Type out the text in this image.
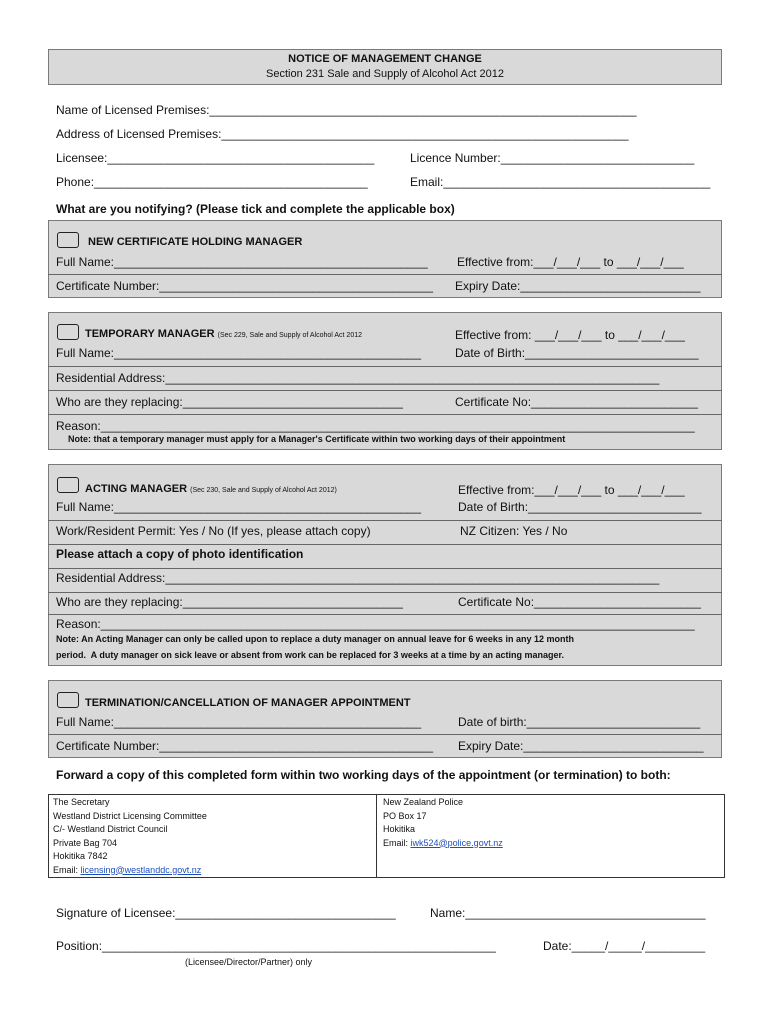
NOTICE OF MANAGEMENT CHANGE
Section 231 Sale and Supply of Alcohol Act 2012
Name of Licensed Premises:________________________________________________________________
Address of Licensed Premises:_____________________________________________________________
Licensee:________________________________________	Licence Number:_____________________________
Phone:_________________________________________	Email:________________________________________
What are you notifying? (Please tick and complete the applicable box)
NEW CERTIFICATE HOLDING MANAGER
Full Name:_______________________________________________ Effective from:___/___/___ to ___/___/___
Certificate Number:_________________________________________ Expiry Date:___________________________
TEMPORARY MANAGER (Sec 229, Sale and Supply of Alcohol Act 2012	Effective from: ___/___/___ to ___/___/___
Full Name:______________________________________________	Date of Birth:__________________________
Residential Address:__________________________________________________________________________
Who are they replacing:_________________________________	Certificate No:_________________________
Reason:_________________________________________________________________________________________
Note: that a temporary manager must apply for a Manager's Certificate within two working days of their appointment
ACTING MANAGER (Sec 230, Sale and Supply of Alcohol Act 2012)	Effective from:___/___/___ to ___/___/___
Full Name:______________________________________________	Date of Birth:__________________________
Work/Resident Permit: Yes / No (If yes, please attach copy)	NZ Citizen: Yes / No
Please attach a copy of photo identification
Residential Address:__________________________________________________________________________
Who are they replacing:_________________________________	Certificate No:_________________________
Reason:_________________________________________________________________________________________
Note: An Acting Manager can only be called upon to replace a duty manager on annual leave for 6 weeks in any 12 month
period.  A duty manager on sick leave or absent from work can be replaced for 3 weeks at a time by an acting manager.
TERMINATION/CANCELLATION OF MANAGER APPOINTMENT
Full Name:______________________________________________	Date of birth:__________________________
Certificate Number:_________________________________________ Expiry Date:___________________________
Forward a copy of this completed form within two working days of the appointment (or termination) to both:
The Secretary
Westland District Licensing Committee
C/- Westland District Council
Private Bag 704
Hokitika 7842
Email: licensing@westlanddc.govt.nz
New Zealand Police
PO Box 17
Hokitika
Email: iwk524@police.govt.nz
Signature of Licensee:_________________________________	Name:____________________________________
Position:___________________________________________________________	Date:_____/_____/_________
(Licensee/Director/Partner) only
